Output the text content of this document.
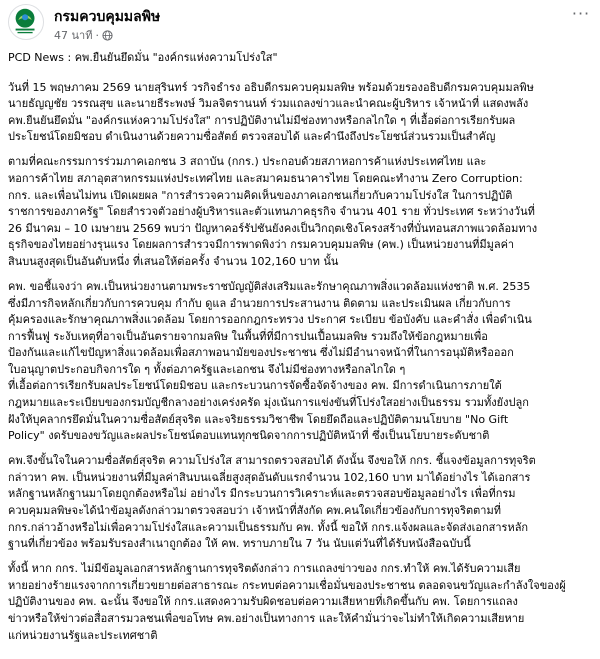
กรมควบคุมมลพิษ
47 นาที ·
···

PCD News : คพ.ยืนยันยึดมั่น "องค์กรแห่งความโปร่งใส"

วันที่ 15 พฤษภาคม 2569 นายสุรินทร์ วรกิจธำรง อธิบดีกรมควบคุมมลพิษ พร้อมด้วยรองอธิบดีกรมควบคุมมลพิษ
นายธัญญชัย วรรณสุข และนายธีระพงษ์ วิมลจิตรานนท์ ร่วมแถลงข่าวและนำคณะผู้บริหาร เจ้าหน้าที่ แสดงพลัง
คพ.ยืนยันยึดมั่น "องค์กรแห่งความโปร่งใส" การปฏิบัติงานไม่มีช่องทางหรือกลไกใด ๆ ที่เอื้อต่อการเรียกรับผล
ประโยชน์โดยมิชอบ ดำเนินงานด้วยความซื่อสัตย์ ตรวจสอบได้ และคำนึงถึงประโยชน์ส่วนรวมเป็นสำคัญ

ตามที่คณะกรรมการร่วมภาคเอกชน 3 สถาบัน (กกร.) ประกอบด้วยสภาหอการค้าแห่งประเทศไทย และ
หอการค้าไทย สภาอุตสาหกรรมแห่งประเทศไทย และสมาคมธนาคารไทย โดยคณะทำงาน Zero Corruption:
กกร. และเพื่อนไม่ทน เปิดเผยผล "การสำรวจความคิดเห็นของภาคเอกชนเกี่ยวกับความโปร่งใส ในการปฏิบัติ
ราชการของภาครัฐ" โดยสำรวจตัวอย่างผู้บริหารและตัวแทนภาคธุรกิจ จำนวน 401 ราย ทั่วประเทศ ระหว่างวันที่
26 มีนาคม – 10 เมษายน 2569 พบว่า ปัญหาคอร์รัปชันยังคงเป็นวิกฤตเชิงโครงสร้างที่บั่นทอนสภาพแวดล้อมทาง
ธุรกิจของไทยอย่างรุนแรง โดยผลการสำรวจมีการพาดพิงว่า กรมควบคุมมลพิษ (คพ.) เป็นหน่วยงานที่มีมูลค่า
สินบนสูงสุดเป็นอันดับหนึ่ง ที่เสนอให้ต่อครั้ง จำนวน 102,160 บาท นั้น

คพ. ขอชี้แจงว่า คพ.เป็นหน่วยงานตามพระราชบัญญัติส่งเสริมและรักษาคุณภาพสิ่งแวดล้อมแห่งชาติ พ.ศ. 2535
ซึ่งมีภารกิจหลักเกี่ยวกับการควบคุม กำกับ ดูแล อำนวยการประสานงาน ติดตาม และประเมินผล เกี่ยวกับการ
คุ้มครองและรักษาคุณภาพสิ่งแวดล้อม โดยการออกกฎกระทรวง ประกาศ ระเบียบ ข้อบังคับ และคำสั่ง เพื่อดำเนิน
การฟื้นฟู ระงับเหตุที่อาจเป็นอันตรายจากมลพิษ ในพื้นที่ที่มีการปนเปื้อนมลพิษ รวมถึงให้ข้อกฎหมายเพื่อ
ป้องกันและแก้ไขปัญหาสิ่งแวดล้อมเพื่อสภาพอนามัยของประชาชน ซึ่งไม่มีอำนาจหน้าที่ในการอนุมัติหรือออก
ใบอนุญาตประกอบกิจการใด ๆ ทั้งต่อภาครัฐและเอกชน จึงไม่มีช่องทางหรือกลไกใด ๆ
ที่เอื้อต่อการเรียกรับผลประโยชน์โดยมิชอบ และกระบวนการจัดซื้อจัดจ้างของ คพ. มีการดำเนินการภายใต้
กฎหมายและระเบียบของกรมบัญชีกลางอย่างเคร่งครัด มุ่งเน้นการแข่งขันที่โปร่งใสอย่างเป็นธรรม รวมทั้งยังปลูก
ฝังให้บุคลากรยึดมั่นในความซื่อสัตย์สุจริต และจริยธรรมวิชาชีพ โดยยึดถือและปฏิบัติตามนโยบาย "No Gift
Policy" งดรับของขวัญและผลประโยชน์ตอบแทนทุกชนิดจากการปฏิบัติหน้าที่ ซึ่งเป็นนโยบายระดับชาติ

คพ.จึงขั้นใจในความซื่อสัตย์สุจริต ความโปร่งใส สามารถตรวจสอบได้ ดังนั้น จึงขอให้ กกร. ชี้แจงข้อมูลการทุจริต
กล่าวหา คพ. เป็นหน่วยงานที่มีมูลค่าสินบนเฉลี่ยสูงสุดอันดับแรกจำนวน 102,160 บาท มาได้อย่างไร ได้เอกสาร
หลักฐานหลักฐานมาโดยถูกต้องหรือไม่ อย่างไร มีกระบวนการวิเคราะห์และตรวจสอบข้อมูลอย่างไร เพื่อที่กรม
ควบคุมมลพิษจะได้นำข้อมูลดังกล่าวมาตรวจสอบว่า เจ้าหน้าที่สังกัด คพ.คนใดเกี่ยวข้องกับการทุจริตตามที่
กกร.กล่าวอ้างหรือไม่เพื่อความโปร่งใสและความเป็นธรรมกับ คพ. ทั้งนี้ ขอให้ กกร.แจ้งผลและจัดส่งเอกสารหลัก
ฐานที่เกี่ยวข้อง พร้อมรับรองสำเนาถูกต้อง ให้ คพ. ทราบภายใน 7 วัน นับแต่วันที่ได้รับหนังสือฉบับนี้

ทั้งนี้ หาก กกร. ไม่มีข้อมูลเอกสารหลักฐานการทุจริตดังกล่าว การแถลงข่าวของ กกร.ทำให้ คพ.ได้รับความเสีย
หายอย่างร้ายแรงจากการเกี่ยวขยายต่อสาธารณะ กระทบต่อความเชื่อมั่นของประชาชน ตลอดจนขวัญและกำลังใจของผู้
ปฏิบัติงานของ คพ. ฉะนั้น จึงขอให้ กกร.แสดงความรับผิดชอบต่อความเสียหายที่เกิดขึ้นกับ คพ. โดยการแถลง
ข่าวหรือให้ข่าวต่อสื่อสารมวลชนเพื่อขอโทษ คพ.อย่างเป็นทางการ และให้คำมั่นว่าจะไม่ทำให้เกิดความเสียหาย
แก่หน่วยงานรัฐและประเทศชาติ
